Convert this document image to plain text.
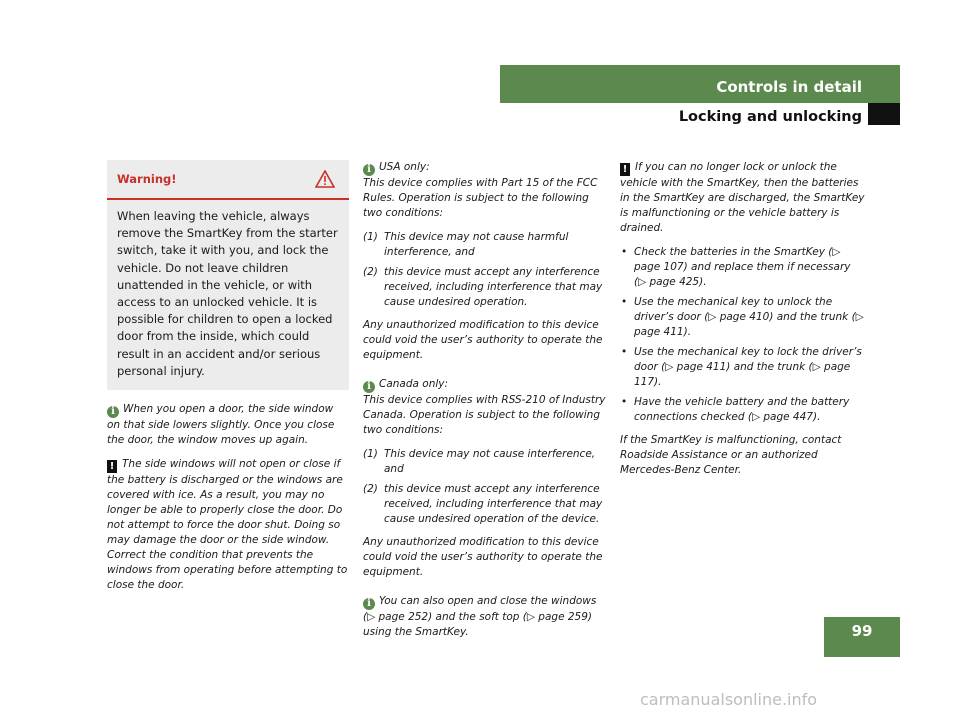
Controls in detail
Locking and unlocking
Warning!
When leaving the vehicle, always remove the SmartKey from the starter switch, take it with you, and lock the vehicle. Do not leave children unattended in the vehicle, or with access to an unlocked vehicle. It is possible for children to open a locked door from the inside, which could result in an accident and/or serious personal injury.

i When you open a door, the side window on that side lowers slightly. Once you close the door, the window moves up again.

! The side windows will not open or close if the battery is discharged or the windows are covered with ice. As a result, you may no longer be able to properly close the door. Do not attempt to force the door shut. Doing so may damage the door or the side window. Correct the condition that prevents the windows from operating before attempting to close the door.

i USA only:

This device complies with Part 15 of the FCC Rules. Operation is subject to the following two conditions:

(1) This device may not cause harmful interference, and
(2) this device must accept any interference received, including interference that may cause undesired operation.

Any unauthorized modification to this device could void the user’s authority to operate the equipment.

i Canada only:

This device complies with RSS-210 of Industry Canada. Operation is subject to the following two conditions:

(1) This device may not cause interference, and
(2) this device must accept any interference received, including interference that may cause undesired operation of the device.

Any unauthorized modification to this device could void the user’s authority to operate the equipment.

i You can also open and close the windows (▷ page 252) and the soft top (▷ page 259) using the SmartKey.

! If you can no longer lock or unlock the vehicle with the SmartKey, then the batteries in the SmartKey are discharged, the SmartKey is malfunctioning or the vehicle battery is drained.

• Check the batteries in the SmartKey (▷ page 107) and replace them if necessary (▷ page 425).
• Use the mechanical key to unlock the driver’s door (▷ page 410) and the trunk (▷ page 411).
• Use the mechanical key to lock the driver’s door (▷ page 411) and the trunk (▷ page 117).
• Have the vehicle battery and the battery connections checked (▷ page 447).

If the SmartKey is malfunctioning, contact Roadside Assistance or an authorized Mercedes-Benz Center.

99
carmanualsonline.info
